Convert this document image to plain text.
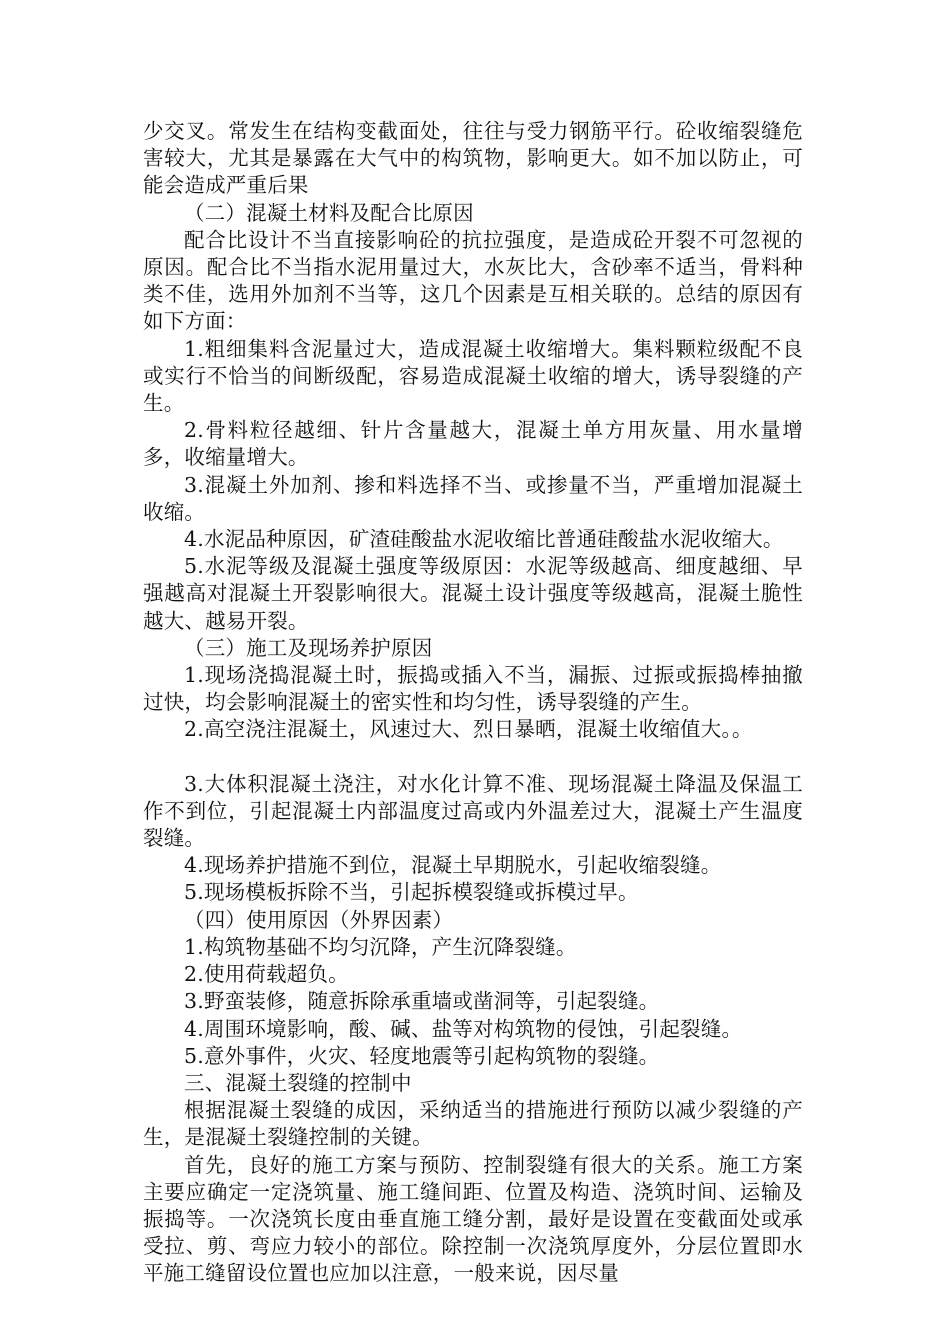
少交叉。常发生在结构变截面处，往往与受力钢筋平行。砼收缩裂缝危害较大，尤其是暴露在大气中的构筑物，影响更大。如不加以防止，可能会造成严重后果

（二）混凝土材料及配合比原因

配合比设计不当直接影响砼的抗拉强度，是造成砼开裂不可忽视的原因。配合比不当指水泥用量过大，水灰比大，含砂率不适当，骨料种类不佳，选用外加剂不当等，这几个因素是互相关联的。总结的原因有如下方面：

1.粗细集料含泥量过大，造成混凝土收缩增大。集料颗粒级配不良或实行不恰当的间断级配，容易造成混凝土收缩的增大，诱导裂缝的产生。

2.骨料粒径越细、针片含量越大，混凝土单方用灰量、用水量增多，收缩量增大。

3.混凝土外加剂、掺和料选择不当、或掺量不当，严重增加混凝土收缩。

4.水泥品种原因，矿渣硅酸盐水泥收缩比普通硅酸盐水泥收缩大。

5.水泥等级及混凝土强度等级原因：水泥等级越高、细度越细、早强越高对混凝土开裂影响很大。混凝土设计强度等级越高，混凝土脆性越大、越易开裂。

（三）施工及现场养护原因

1.现场浇捣混凝土时，振捣或插入不当，漏振、过振或振捣棒抽撤过快，均会影响混凝土的密实性和均匀性，诱导裂缝的产生。

2.高空浇注混凝土，风速过大、烈日暴晒，混凝土收缩值大。。

3.大体积混凝土浇注，对水化计算不准、现场混凝土降温及保温工作不到位，引起混凝土内部温度过高或内外温差过大，混凝土产生温度裂缝。

4.现场养护措施不到位，混凝土早期脱水，引起收缩裂缝。

5.现场模板拆除不当，引起拆模裂缝或拆模过早。

（四）使用原因（外界因素）

1.构筑物基础不均匀沉降，产生沉降裂缝。

2.使用荷载超负。

3.野蛮装修，随意拆除承重墙或凿洞等，引起裂缝。

4.周围环境影响，酸、碱、盐等对构筑物的侵蚀，引起裂缝。

5.意外事件，火灾、轻度地震等引起构筑物的裂缝。

三、混凝土裂缝的控制中

根据混凝土裂缝的成因，采纳适当的措施进行预防以减少裂缝的产生，是混凝土裂缝控制的关键。

首先，良好的施工方案与预防、控制裂缝有很大的关系。施工方案主要应确定一定浇筑量、施工缝间距、位置及构造、浇筑时间、运输及振捣等。一次浇筑长度由垂直施工缝分割，最好是设置在变截面处或承受拉、剪、弯应力较小的部位。除控制一次浇筑厚度外，分层位置即水平施工缝留设位置也应加以注意，一般来说，因尽量
